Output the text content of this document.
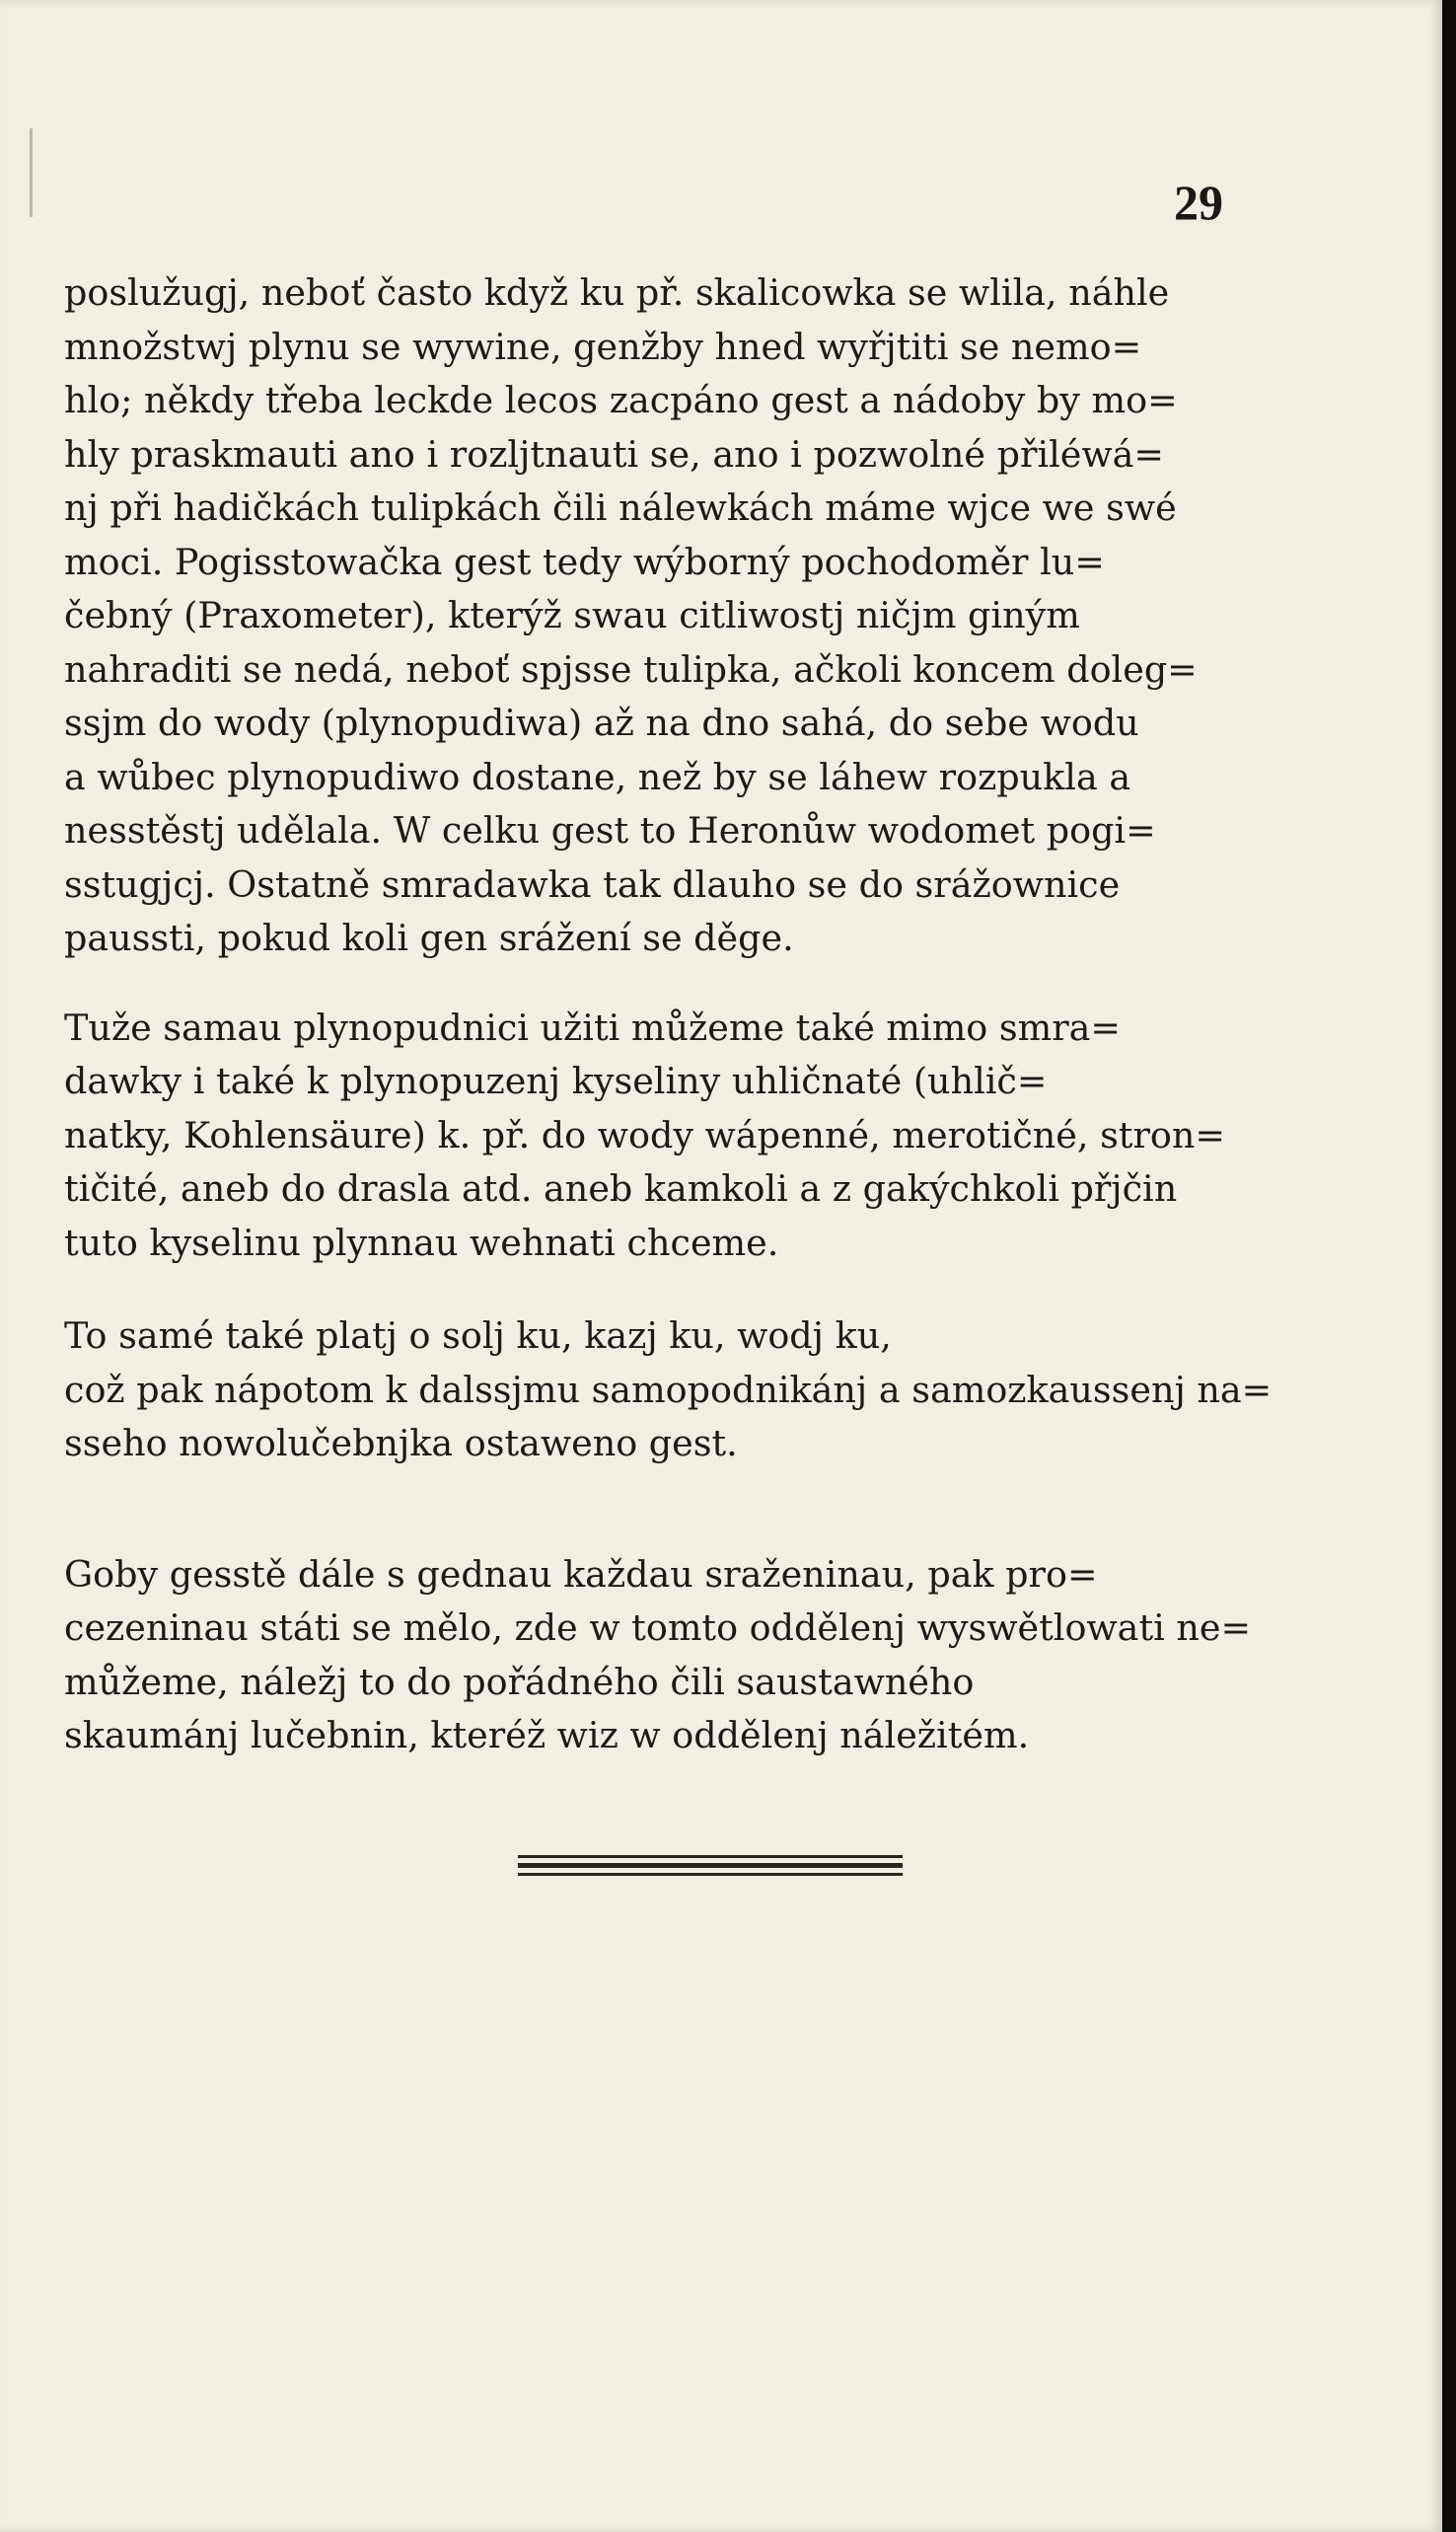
29
poslužugj, neboť často když ku př. skalicowka se wlila, náhle
množstwj plynu se wywine, genžby hned wyřjtiti se nemo=
hlo; někdy třeba leckde lecos zacpáno gest a nádoby by mo=
hly praskmauti ano i rozljtnauti se, ano i pozwolné přiléwá=
nj při hadičkách tulipkách čili nálewkách máme wjce we swé
moci. Pogisstowačka gest tedy wýborný pochodoměr lu=
čebný (Praxometer), kterýž swau citliwostj ničjm giným
nahraditi se nedá, neboť spjsse tulipka, ačkoli koncem doleg=
ssjm do wody (plynopudiwa) až na dno sahá, do sebe wodu
a wůbec plynopudiwo dostane, než by se láhew rozpukla a
nesstěstj udělala. W celku gest to Heronůw wodomet pogi=
sstugjcj. Ostatně smradawka tak dlauho se do srážownice
paussti, pokud koli gen srážení se děge.
Tuže samau plynopudnici užiti můžeme také mimo smra=
dawky i také k plynopuzenj kyseliny uhličnaté (uhlič=
natky, Kohlensäure) k. př. do wody wápenné, merotičné, stron=
tičité, aneb do drasla atd. aneb kamkoli a z gakýchkoli přjčin
tuto kyselinu plynnau wehnati chceme.
To samé také platj o solj ku, kazj ku, wodj ku,
což pak nápotom k dalssjmu samopodnikánj a samozkaussenj na=
sseho nowolučebnjka ostaweno gest.
Goby gesstě dále s gednau každau sraženinau, pak pro=
cezeninau státi se mělo, zde w tomto oddělenj wyswětlowati ne=
můžeme, náležj to do pořádného čili saustawného
skaumánj lučebnin, kteréž wiz w oddělenj náležitém.
